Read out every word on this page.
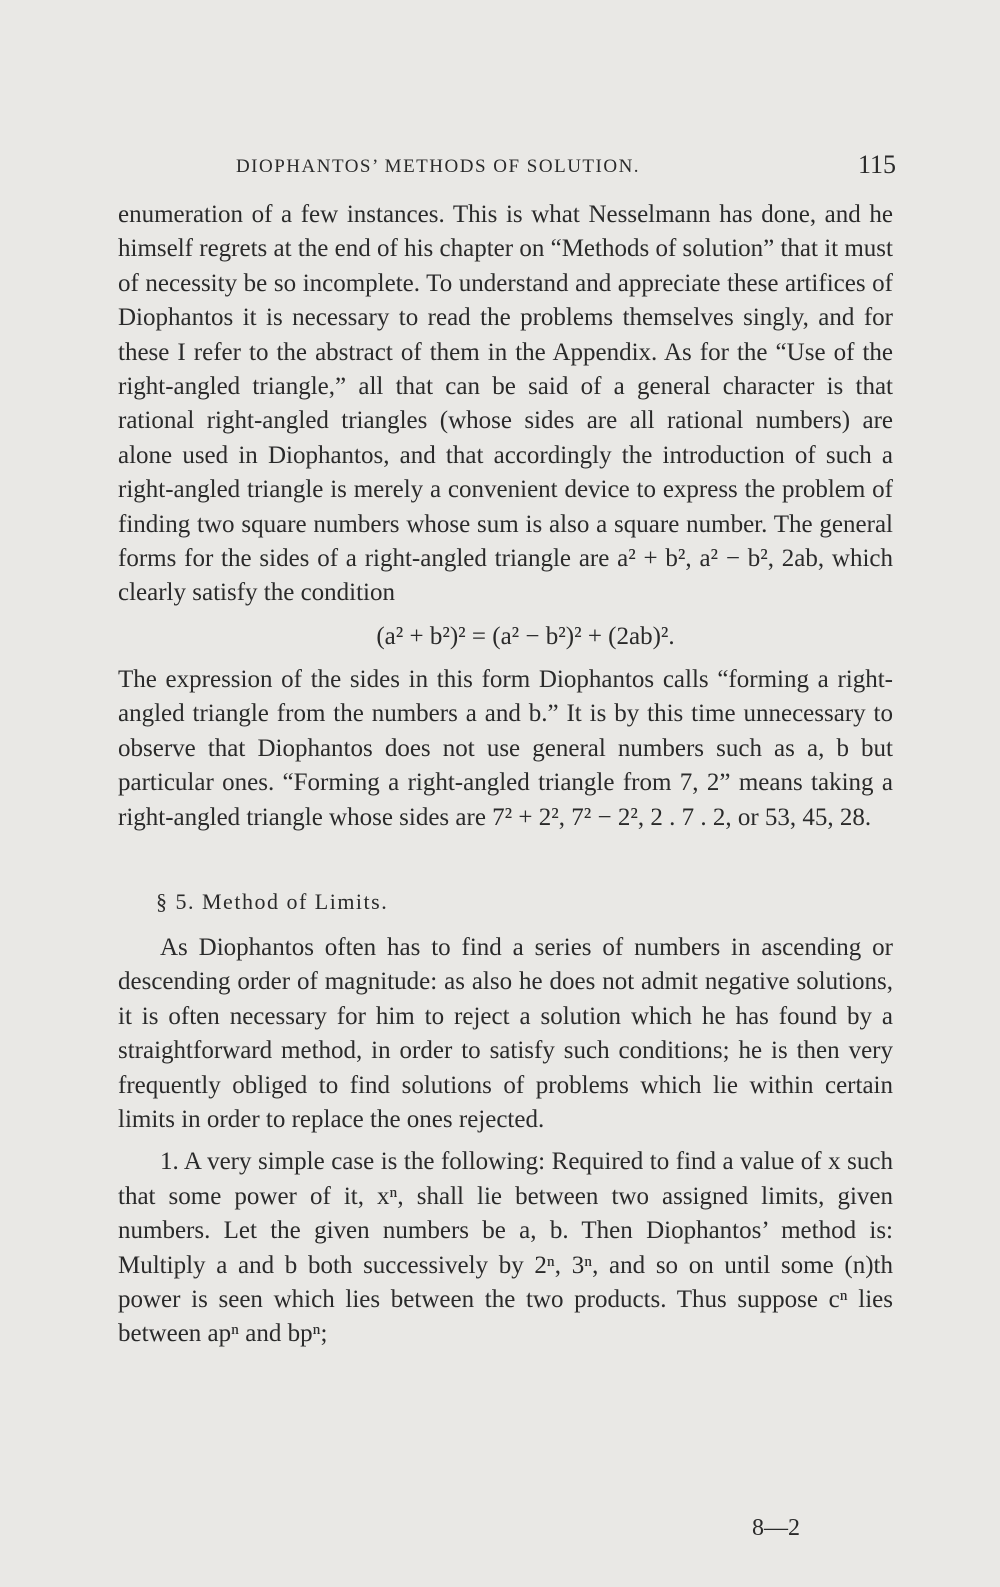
DIOPHANTOS’ METHODS OF SOLUTION.	115

enumeration of a few instances. This is what Nesselmann has done, and he himself regrets at the end of his chapter on “Methods of solution” that it must of necessity be so incomplete. To understand and appreciate these artifices of Diophantos it is necessary to read the problems themselves singly, and for these I refer to the abstract of them in the Appendix. As for the “Use of the right-angled triangle,” all that can be said of a general character is that rational right-angled triangles (whose sides are all rational numbers) are alone used in Diophantos, and that accordingly the introduction of such a right-angled triangle is merely a convenient device to express the problem of finding two square numbers whose sum is also a square number. The general forms for the sides of a right-angled triangle are a² + b², a² − b², 2ab, which clearly satisfy the condition

(a² + b²)² = (a² − b²)² + (2ab)².

The expression of the sides in this form Diophantos calls “forming a right-angled triangle from the numbers a and b.” It is by this time unnecessary to observe that Diophantos does not use general numbers such as a, b but particular ones. “Forming a right-angled triangle from 7, 2” means taking a right-angled triangle whose sides are 7² + 2², 7² − 2², 2 . 7 . 2, or 53, 45, 28.

§ 5. Method of Limits.

As Diophantos often has to find a series of numbers in ascending or descending order of magnitude: as also he does not admit negative solutions, it is often necessary for him to reject a solution which he has found by a straightforward method, in order to satisfy such conditions; he is then very frequently obliged to find solutions of problems which lie within certain limits in order to replace the ones rejected.

1. A very simple case is the following: Required to find a value of x such that some power of it, xⁿ, shall lie between two assigned limits, given numbers. Let the given numbers be a, b. Then Diophantos’ method is: Multiply a and b both successively by 2ⁿ, 3ⁿ, and so on until some (n)th power is seen which lies between the two products. Thus suppose cⁿ lies between apⁿ and bpⁿ;

8—2
